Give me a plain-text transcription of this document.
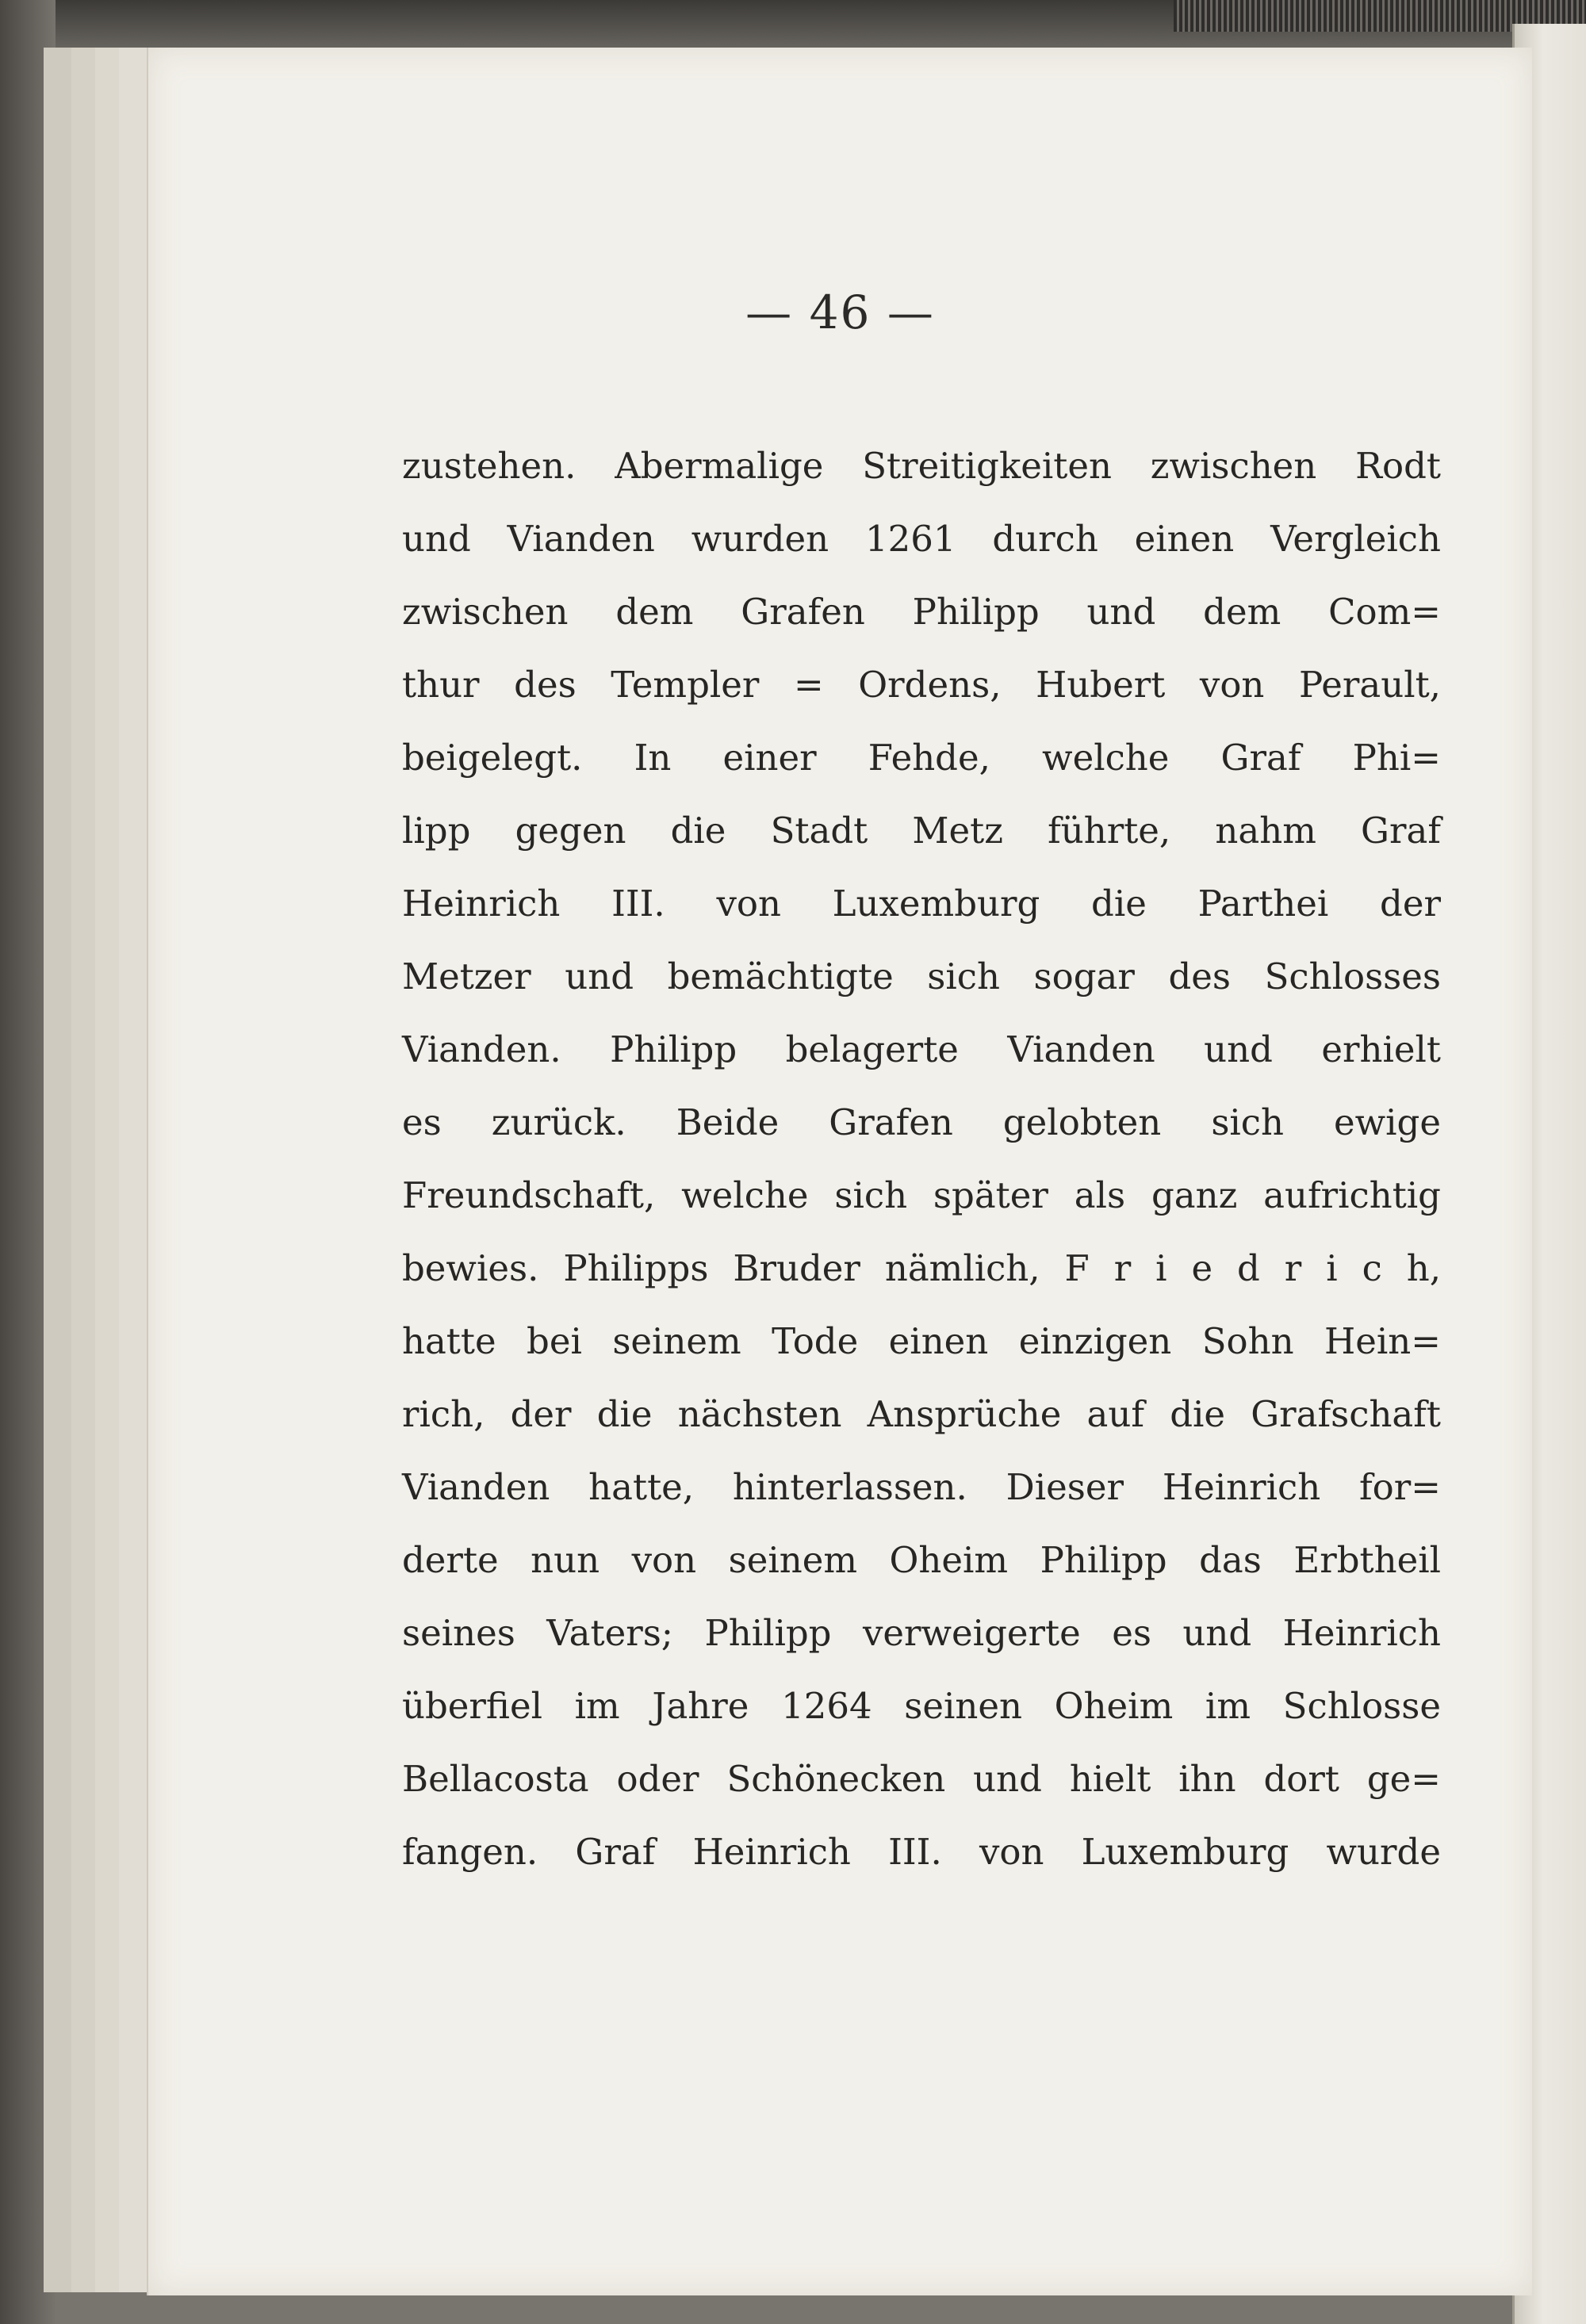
— 46 —
zustehen. Abermalige Streitigkeiten zwischen Rodt
und Vianden wurden 1261 durch einen Vergleich
zwischen dem Grafen Philipp und dem Com=
thur des Templer = Ordens, Hubert von Perault,
beigelegt. In einer Fehde, welche Graf Phi=
lipp gegen die Stadt Metz führte, nahm Graf
Heinrich III. von Luxemburg die Parthei der
Metzer und bemächtigte sich sogar des Schlosses
Vianden. Philipp belagerte Vianden und erhielt
es zurück. Beide Grafen gelobten sich ewige
Freundschaft, welche sich später als ganz aufrichtig
bewies. Philipps Bruder nämlich, F r i e d r i c h,
hatte bei seinem Tode einen einzigen Sohn Hein=
rich, der die nächsten Ansprüche auf die Grafschaft
Vianden hatte, hinterlassen. Dieser Heinrich for=
derte nun von seinem Oheim Philipp das Erbtheil
seines Vaters; Philipp verweigerte es und Heinrich
überfiel im Jahre 1264 seinen Oheim im Schlosse
Bellacosta oder Schönecken und hielt ihn dort ge=
fangen. Graf Heinrich III. von Luxemburg wurde
